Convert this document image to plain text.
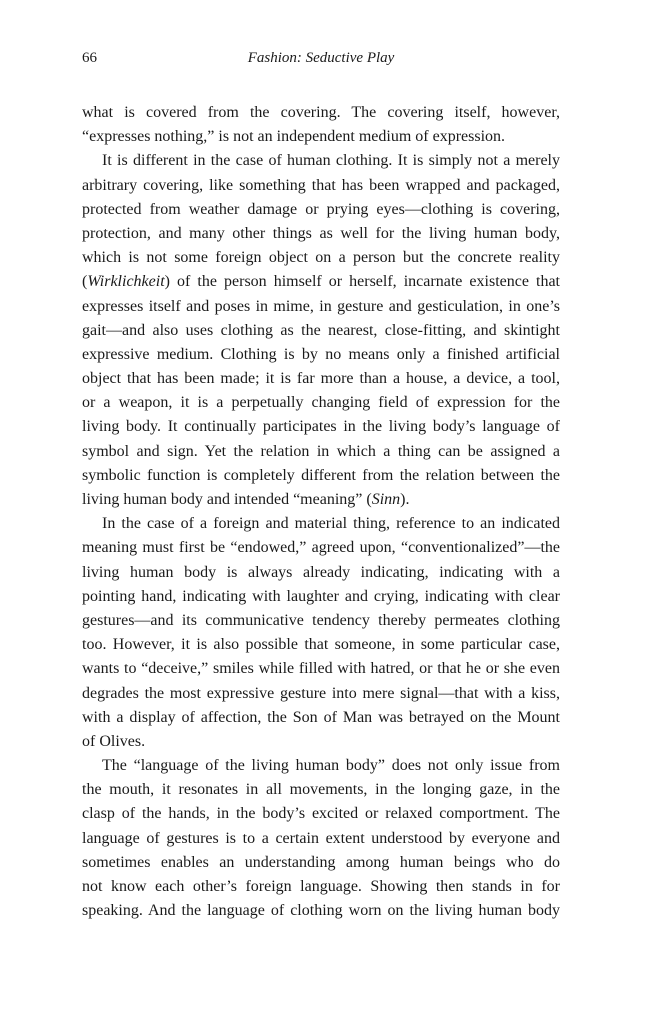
66	Fashion: Seductive Play
what is covered from the covering. The covering itself, however,
“expresses nothing,” is not an independent medium of expression.
It is different in the case of human clothing. It is simply not a merely
arbitrary covering, like something that has been wrapped and packaged,
protected from weather damage or prying eyes—clothing is covering,
protection, and many other things as well for the living human body,
which is not some foreign object on a person but the concrete reality
(Wirklichkeit) of the person himself or herself, incarnate existence that
expresses itself and poses in mime, in gesture and gesticulation, in one’s
gait—and also uses clothing as the nearest, close-fitting, and skintight
expressive medium. Clothing is by no means only a finished artificial
object that has been made; it is far more than a house, a device, a tool,
or a weapon, it is a perpetually changing field of expression for the
living body. It continually participates in the living body’s language of
symbol and sign. Yet the relation in which a thing can be assigned a
symbolic function is completely different from the relation between the
living human body and intended “meaning” (Sinn).
In the case of a foreign and material thing, reference to an indicated
meaning must first be “endowed,” agreed upon, “conventionalized”—the
living human body is always already indicating, indicating with a
pointing hand, indicating with laughter and crying, indicating with clear
gestures—and its communicative tendency thereby permeates clothing
too. However, it is also possible that someone, in some particular case,
wants to “deceive,” smiles while filled with hatred, or that he or she even
degrades the most expressive gesture into mere signal—that with a kiss,
with a display of affection, the Son of Man was betrayed on the Mount
of Olives.
The “language of the living human body” does not only issue from
the mouth, it resonates in all movements, in the longing gaze, in the
clasp of the hands, in the body’s excited or relaxed comportment. The
language of gestures is to a certain extent understood by everyone and
sometimes enables an understanding among human beings who do
not know each other’s foreign language. Showing then stands in for
speaking. And the language of clothing worn on the living human body
